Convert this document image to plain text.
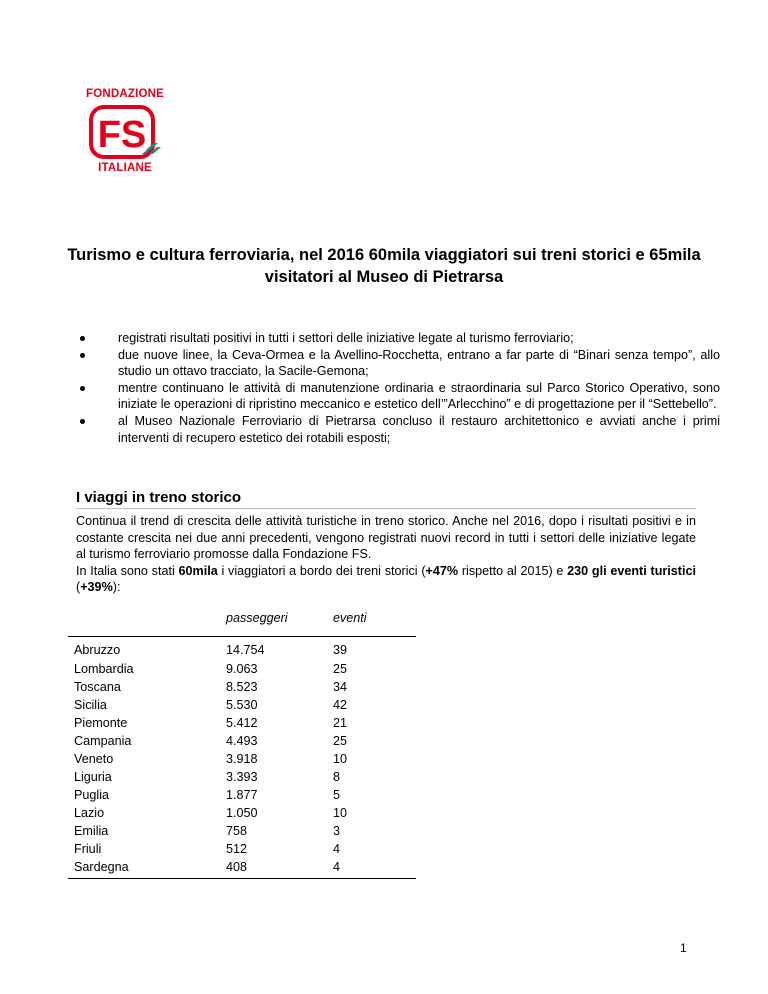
FONDAZIONE
FS
ITALIANE
Turismo e cultura ferroviaria, nel 2016 60mila viaggiatori sui treni storici e 65mila visitatori al Museo di Pietrarsa
registrati risultati positivi in tutti i settori delle iniziative legate al turismo ferroviario;
due nuove linee, la Ceva-Ormea e la Avellino-Rocchetta, entrano a far parte di “Binari senza tempo”, allo studio un ottavo tracciato, la Sacile-Gemona;
mentre continuano le attività di manutenzione ordinaria e straordinaria sul Parco Storico Operativo, sono iniziate le operazioni di ripristino meccanico e estetico dell’”Arlecchino” e di progettazione per il “Settebello”.
al Museo Nazionale Ferroviario di Pietrarsa concluso il restauro architettonico e avviati anche i primi interventi di recupero estetico dei rotabili esposti;
I viaggi in treno storico

Continua il trend di crescita delle attività turistiche in treno storico. Anche nel 2016, dopo i risultati positivi e in costante crescita nei due anni precedenti, vengono registrati nuovi record in tutti i settori delle iniziative legate al turismo ferroviario promosse dalla Fondazione FS.

In Italia sono stati 60mila i viaggiatori a bordo dei treni storici (+47% rispetto al 2015) e 230 gli eventi turistici (+39%):

	passeggeri	eventi
Abruzzo	14.754	39
Lombardia	9.063	25
Toscana	8.523	34
Sicilia	5.530	42
Piemonte	5.412	21
Campania	4.493	25
Veneto	3.918	10
Liguria	3.393	8
Puglia	1.877	5
Lazio	1.050	10
Emilia	758	3
Friuli	512	4
Sardegna	408	4
1
